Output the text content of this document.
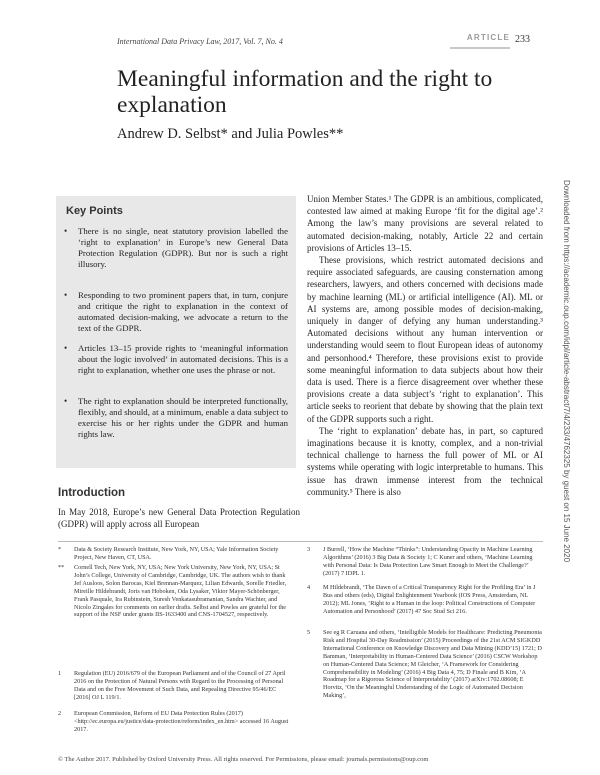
International Data Privacy Law, 2017, Vol. 7, No. 4	ARTICLE 233
Meaningful information and the right to explanation
Andrew D. Selbst* and Julia Powles**
Key Points
• There is no single, neat statutory provision labelled the ‘right to explanation’ in Europe’s new General Data Protection Regulation (GDPR). But nor is such a right illusory.
• Responding to two prominent papers that, in turn, conjure and critique the right to explanation in the context of automated decision-making, we advocate a return to the text of the GDPR.
• Articles 13–15 provide rights to ‘meaningful information about the logic involved’ in automated decisions. This is a right to explanation, whether one uses the phrase or not.
• The right to explanation should be interpreted functionally, flexibly, and should, at a minimum, enable a data subject to exercise his or her rights under the GDPR and human rights law.
Introduction
In May 2018, Europe’s new General Data Protection Regulation (GDPR) will apply across all European

Union Member States.¹ The GDPR is an ambitious, complicated, contested law aimed at making Europe ‘fit for the digital age’.² Among the law’s many provisions are several related to automated decision-making, notably, Article 22 and certain provisions of Articles 13–15.

These provisions, which restrict automated decisions and require associated safeguards, are causing consternation among researchers, lawyers, and others concerned with decisions made by machine learning (ML) or artificial intelligence (AI). ML or AI systems are, among possible modes of decision-making, uniquely in danger of defying any human understanding.³ Automated decisions without any human intervention or understanding would seem to flout European ideas of autonomy and personhood.⁴ Therefore, these provisions exist to provide some meaningful information to data subjects about how their data is used. There is a fierce disagreement over whether these provisions create a data subject’s ‘right to explanation’. This article seeks to reorient that debate by showing that the plain text of the GDPR supports such a right.

The ‘right to explanation’ debate has, in part, so captured imaginations because it is knotty, complex, and a non-trivial technical challenge to harness the full power of ML or AI systems while operating with logic interpretable to humans. This issue has drawn immense interest from the technical community.⁵ There is also

* Data & Society Research Institute, New York, NY, USA; Yale Information Society Project, New Haven, CT, USA.
** Cornell Tech, New York, NY, USA; New York University, New York, NY, USA; St John’s College, University of Cambridge, Cambridge, UK. The authors wish to thank Jef Ausloos, Solon Barocas, Kiel Brennan-Marquez, Lilian Edwards, Sorelle Friedler, Mireille Hildebrandt, Joris van Hoboken, Oda Lysaker, Viktor Mayer-Schönberger, Frank Pasquale, Ira Rubinstein, Suresh Venkatasubramanian, Sandra Wachter, and Nicolo Zingales for comments on earlier drafts. Selbst and Powles are grateful for the support of the NSF under grants IIS-1633400 and CNS-1704527, respectively.
1 Regulation (EU) 2016/679 of the European Parliament and of the Council of 27 April 2016 on the Protection of Natural Persons with Regard to the Processing of Personal Data and on the Free Movement of Such Data, and Repealing Directive 95/46/EC [2016] OJ L 119/1.
2 European Commission, Reform of EU Data Protection Rules (2017) <http://ec.europa.eu/justice/data-protection/reform/index_en.htm> accessed 16 August 2017.
3 J Burrell, ‘How the Machine “Thinks”: Understanding Opacity in Machine Learning Algorithms’ (2016) 3 Big Data & Society 1; C Kuner and others, ‘Machine Learning with Personal Data: Is Data Protection Law Smart Enough to Meet the Challenge?’ (2017) 7 IDPL 1.
4 M Hildebrandt, ‘The Dawn of a Critical Transparency Right for the Profiling Era’ in J Bus and others (eds), Digital Enlightenment Yearbook (IOS Press, Amsterdam, NL 2012); ML Jones, ‘Right to a Human in the loop: Political Constructions of Computer Automation and Personhood’ (2017) 47 Soc Stud Sci 216.
5 See eg R Caruana and others, ‘Intelligible Models for Healthcare: Predicting Pneumonia Risk and Hospital 30-Day Readmission’ (2015) Proceedings of the 21st ACM SIGKDD International Conference on Knowledge Discovery and Data Mining (KDD’15) 1721; D Bamman, ‘Interpretability in Human-Centered Data Science’ (2016) CSCW Workshop on Human-Centered Data Science; M Gleicher, ‘A Framework for Considering Comprehensibility in Modeling’ (2016) 4 Big Data 4, 75; D Finale and B Kim, ‘A Roadmap for a Rigorous Science of Interpretability’ (2017) arXiv:1702.08608; E Horvitz, ‘On the Meaningful Understanding of the Logic of Automated Decision Making’,
© The Author 2017. Published by Oxford University Press. All rights reserved. For Permissions, please email: journals.permissions@oup.com
Downloaded from https://academic.oup.com/idpl/article-abstract/7/4/233/4762325 by guest on 15 June 2020
